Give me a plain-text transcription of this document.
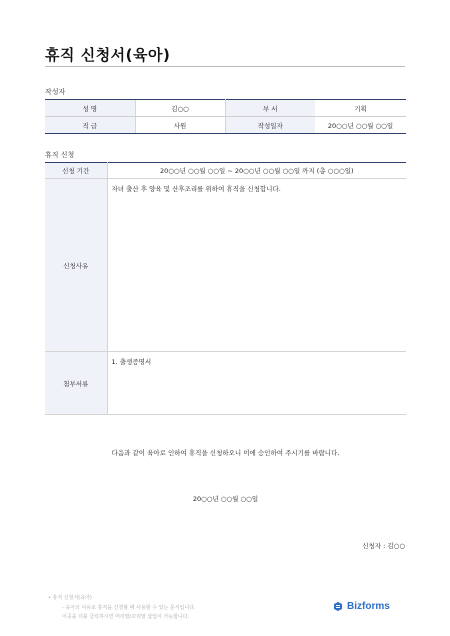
휴직 신청서(육아)
작성자
성 명	김○○	부 서	기획
직 급	사원	작성일자	20○○년 ○○월 ○○일
휴직 신청
신청 기간	20○○년 ○○월 ○○일 ~ 20○○년 ○○월 ○○일 까지 (총 ○○○일)
신청사유	자녀 출산 후 양육 및 산후조리를 위하여 휴직을 신청합니다.
첨부서류	1. 출생증명서
다음과 같이 육아로 인하여 휴직을 신청하오니 이에 승인하여 주시기를 바랍니다.
20○○년 ○○월 ○○일
신청자 : 김○○
• 휴직 신청서(육아)
- 육아의 이유로 휴직을 신청할 때 사용할 수 있는 문서입니다.
이곳을 더블 클릭하시면 머리말/꼬리말 삽입이 가능합니다.
Bizforms
